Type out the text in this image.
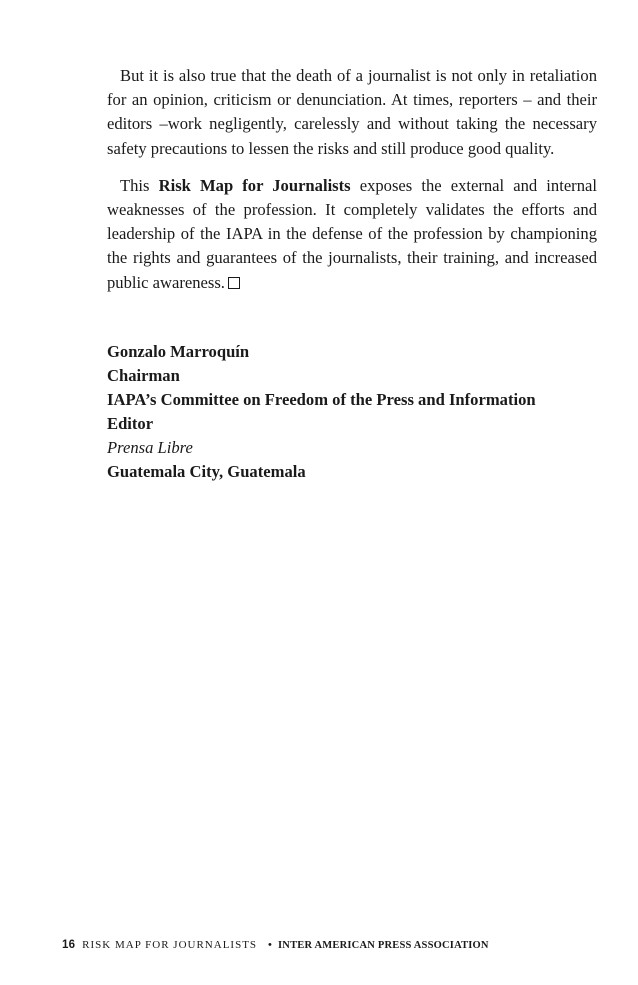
But it is also true that the death of a journalist is not only in retaliation for an opinion, criticism or denunciation. At times, reporters – and their editors –work negligently, carelessly and without taking the necessary safety precautions to lessen the risks and still produce good quality.

This Risk Map for Journalists exposes the external and internal weaknesses of the profession. It completely validates the efforts and leadership of the IAPA in the defense of the profession by championing the rights and guarantees of the journalists, their training, and increased public awareness.

Gonzalo Marroquín
Chairman
IAPA’s Committee on Freedom of the Press and Information
Editor
Prensa Libre
Guatemala City, Guatemala
16 RISK MAP FOR JOURNALISTS • INTER AMERICAN PRESS ASSOCIATION
